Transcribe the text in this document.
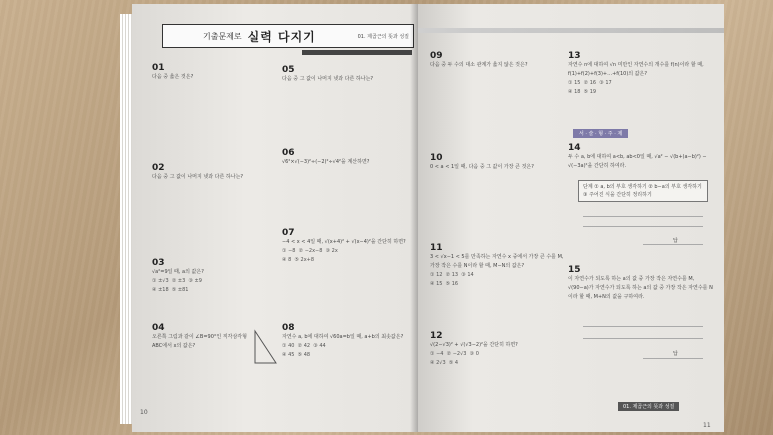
기출문제로 실력 다지기	01. 제곱근의 뜻과 성질
01
다음 중 옳은 것은?
02
다음 중 그 값이 나머지 넷과 다른 하나는?
03
√a²=9일 때, a의 값은?
① ±√3 ② ±3 ③ ±9
④ ±18 ⑤ ±81
04
오른쪽 그림과 같이 ∠B=90°인 직각삼각형 ABC에서 x의 값은?
05
다음 중 그 값이 나머지 넷과 다른 하나는?
06
√6²×√(−3)²÷(−2)²÷√4²을 계산하면?
07
−4 < x < 4일 때, √(x+4)² + √(x−4)²을 간단히 하면?
① −8 ② −2x−8 ③ 2x
④ 8 ⑤ 2x+8
08
자연수 a, b에 대하여 √60a=b일 때, a+b의 최솟값은?
① 40 ② 42 ③ 44
④ 45 ⑤ 48
10
09
다음 중 두 수의 대소 관계가 옳지 않은 것은?
10
0 < a < 1일 때, 다음 중 그 값이 가장 큰 것은?
11
3 < √x−1 < 5를 만족하는 자연수 x 중에서 가장 큰 수를 M, 가장 작은 수를 N이라 할 때, M−N의 값은?
① 12 ② 13 ③ 14
④ 15 ⑤ 16
12
√(2−√3)² + √(√3−2)²을 간단히 하면?
① −4 ② −2√3 ③ 0
④ 2√3 ⑤ 4
13
자연수 n에 대하여 √n 미만인 자연수의 개수를 f(n)이라 할 때, f(1)+f(2)+f(3)+…+f(10)의 값은?
① 15 ② 16 ③ 17
④ 18 ⑤ 19
서 · 술 · 형 · 주 · 제
14
두 수 a, b에 대하여 a<b, ab<0일 때, √a² − √(b+(a−b)²) − √(−3a)²을 간단히 하여라.
단계 ① a, b의 부호 생각하기 ② b−a의 부호 생각하기 ③ 주어진 식을 간단히 정리하기
답
15
이 자연수가 되도록 하는 a의 값 중 가장 작은 자연수를 M, √(90−a)가 자연수가 되도록 하는 a의 값 중 가장 작은 자연수를 N이라 할 때, M+N의 값을 구하여라.
답
01. 제곱근의 뜻과 성질
11
